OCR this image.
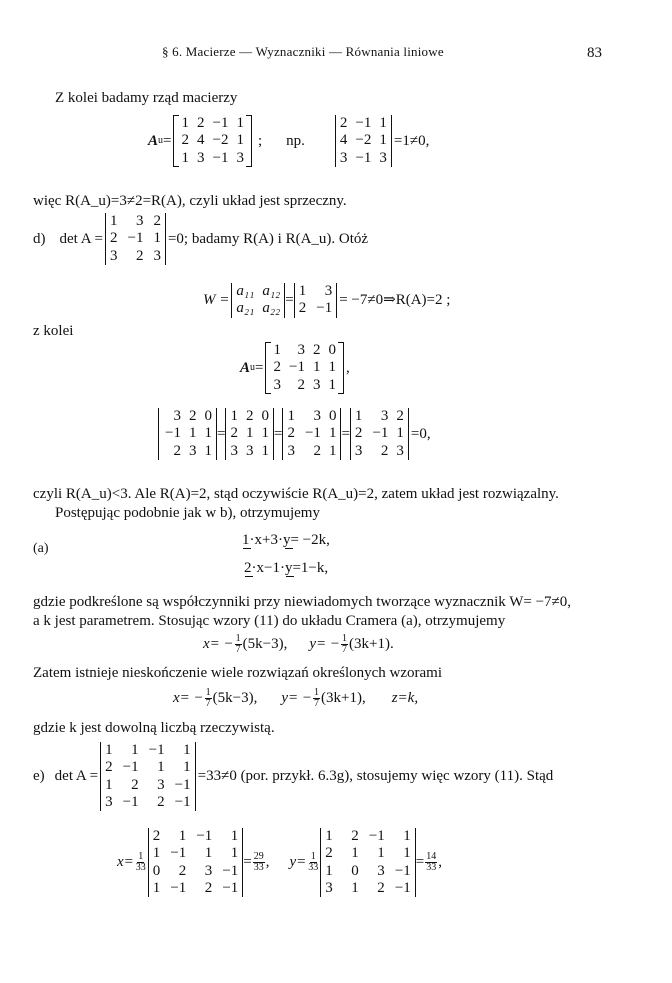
§ 6. Macierze — Wyznaczniki — Równania liniowe	83
Z kolei badamy rząd macierzy
A u =
1 2 −1 1
2 4 −2 1
1 3 −1 3
; np.
2 −1 1
4 −2 1
3 −1 3
=1≠0,
więc R(A_u)=3≠2=R(A), czyli układ jest sprzeczny.
d) det A =
1	3 2
2 −1 1
3	2 3
=0; badamy R(A) i R(A_u). Otóż
W =
a₁₁ a₁₂
a₂₁ a₂₂
=
1	3
2 −1
= −7≠0⇒R(A)=2 ;
z kolei
A u =
1	3 2 0
2 −1 1 1
3	2 3 1
,
3 2 0
−1 1 1
2 3 1
=
1 2 0
2 1 1
3 3 1
=
1	3 0
2 −1 1
3	2 1
=
1	3 2
2 −1 1
3	2 3
=0,
czyli R(A_u)<3. Ale R(A)=2, stąd oczywiście R(A_u)=2, zatem układ jest rozwiązalny.
Postępując podobnie jak w b), otrzymujemy
(a)
1·x+3·y= −2k,
2·x−1·y=1−k,
gdzie podkreślone są współczynniki przy niewiadomych tworzące wyznacznik W= −7≠0,
a k jest parametrem. Stosując wzory (11) do układu Cramera (a), otrzymujemy
$x= - \frac{1}{7} (5k-3)$, $y= - \frac{1}{7} (3k+1)$.
Zatem istnieje nieskończenie wiele rozwiązań określonych wzorami
$x= - \frac{1}{7} (5k-3)$, $y= - \frac{1}{7} (3k+1)$, z=k,
gdzie k jest dowolną liczbą rzeczywistą.
e) det A =
1	1 −1	1
2 −1	1	1
1	2	3 −1
3 −1	2 −1
=33≠0 (por. przykł. 6.3g), stosujemy więc wzory (11). Stąd
$x= \frac{1}{33}$
2	1 −1	1
1 −1	1	1
0	2	3 −1
1 −1	2 −1
= $\frac{29}{33}$ , $y= \frac{1}{33}$
1	2 −1	1
2	1	1	1
1	0	3 −1
3	1	2 −1
= $\frac{14}{33}$ ,
